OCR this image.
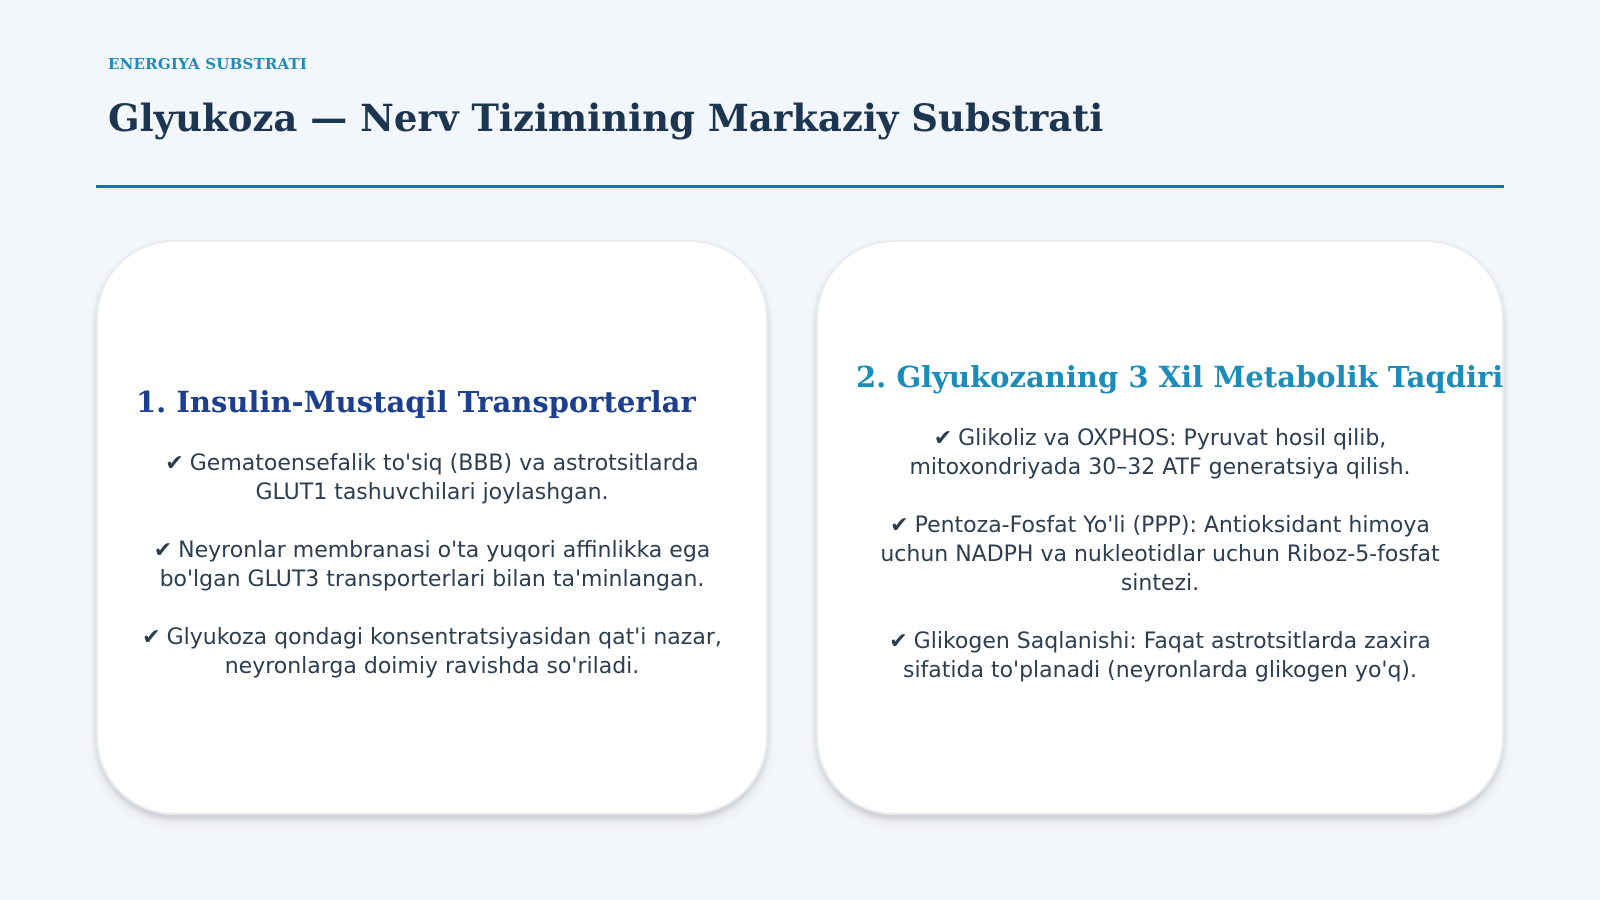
ENERGIYA SUBSTRATI
Glyukoza — Nerv Tizimining Markaziy Substrati
1. Insulin-Mustaqil Transporterlar

✔ Gematoensefalik to'siq (BBB) va astrotsitlarda GLUT1 tashuvchilari joylashgan.

✔ Neyronlar membranasi o'ta yuqori affinlikka ega bo'lgan GLUT3 transporterlari bilan ta'minlangan.

✔ Glyukoza qondagi konsentratsiyasidan qat'i nazar, neyronlarga doimiy ravishda so'riladi.

2. Glyukozaning 3 Xil Metabolik Taqdiri

✔ Glikoliz va OXPHOS: Pyruvat hosil qilib, mitoxondriyada 30–32 ATF generatsiya qilish.

✔ Pentoza-Fosfat Yo'li (PPP): Antioksidant himoya uchun NADPH va nukleotidlar uchun Riboz-5-fosfat sintezi.

✔ Glikogen Saqlanishi: Faqat astrotsitlarda zaxira sifatida to'planadi (neyronlarda glikogen yo'q).
